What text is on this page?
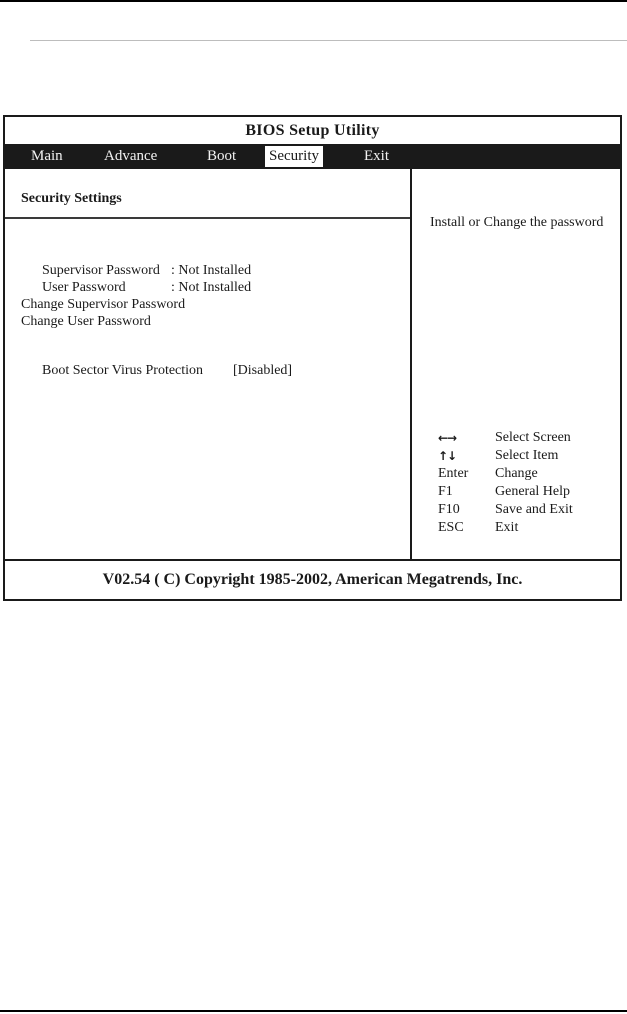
BIOS Setup Utility
Main	Advance	Boot Security	Exit
Security Settings

Supervisor Password : Not Installed

User Password	: Not Installed

Change Supervisor Password
Change User Password

Boot Sector Virus Protection [Disabled]

Install or Change the password
←→	Select Screen
↑↓	Select Item
Enter	Change
F1	General Help
F10	Save and Exit
ESC	Exit
V02.54 ( C) Copyright 1985-2002, American Megatrends, Inc.
